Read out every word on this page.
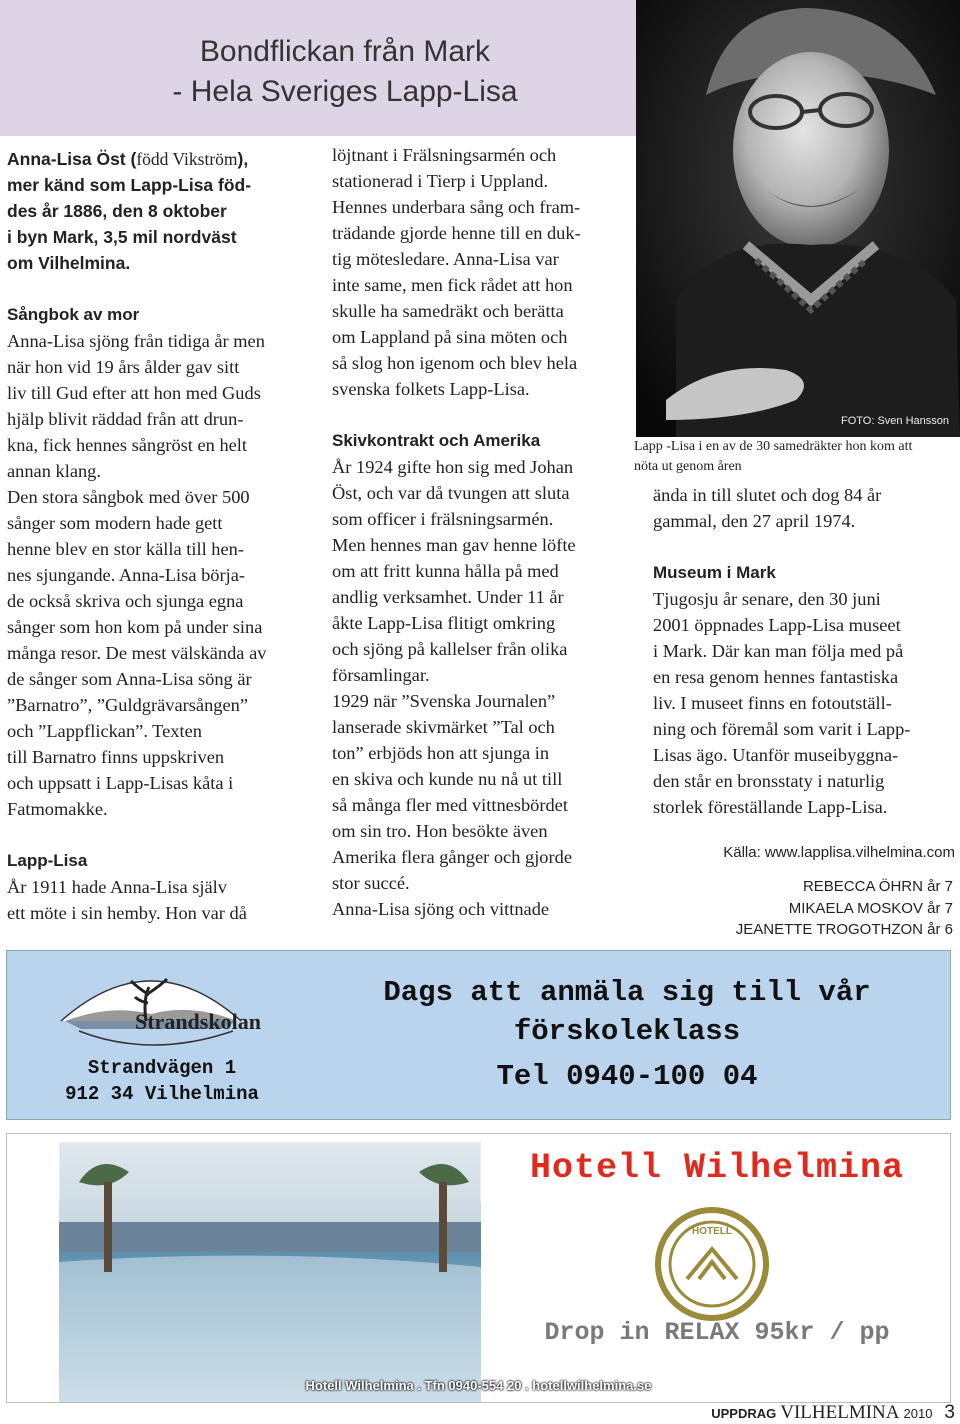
Bondflickan från Mark
- Hela Sveriges Lapp-Lisa
FOTO: Sven Hansson
Lapp -Lisa i en av de 30 samedräkter hon kom att
nöta ut genom åren
Anna-Lisa Öst (född Vikström),
mer känd som Lapp-Lisa föd-
des år 1886, den 8 oktober
i byn Mark, 3,5 mil nordväst
om Vilhelmina.
Sångbok av mor

Anna-Lisa sjöng från tidiga år men

när hon vid 19 års ålder gav sitt

liv till Gud efter att hon med Guds

hjälp blivit räddad från att drun-

kna, fick hennes sångröst en helt

annan klang.

Den stora sångbok med över 500

sånger som modern hade gett

henne blev en stor källa till hen-

nes sjungande. Anna-Lisa börja-

de också skriva och sjunga egna

sånger som hon kom på under sina

många resor. De mest välskända av

de sånger som Anna-Lisa söng är

”Barnatro”, ”Guldgrävarsången”

och ”Lappflickan”. Texten

till Barnatro finns uppskriven

och uppsatt i Lapp-Lisas kåta i

Fatmomakke.

Lapp-Lisa

År 1911 hade Anna-Lisa själv

ett möte i sin hemby. Hon var då

löjtnant i Frälsningsarmén och

stationerad i Tierp i Uppland.

Hennes underbara sång och fram-

trädande gjorde henne till en duk-

tig mötesledare. Anna-Lisa var

inte same, men fick rådet att hon

skulle ha samedräkt och berätta

om Lappland på sina möten och

så slog hon igenom och blev hela

svenska folkets Lapp-Lisa.

Skivkontrakt och Amerika

År 1924 gifte hon sig med Johan

Öst, och var då tvungen att sluta

som officer i frälsningsarmén.

Men hennes man gav henne löfte

om att fritt kunna hålla på med

andlig verksamhet. Under 11 år

åkte Lapp-Lisa flitigt omkring

och sjöng på kallelser från olika

församlingar.

1929 när ”Svenska Journalen”

lanserade skivmärket ”Tal och

ton” erbjöds hon att sjunga in

en skiva och kunde nu nå ut till

så många fler med vittnesbördet

om sin tro. Hon besökte även

Amerika flera gånger och gjorde

stor succé.

Anna-Lisa sjöng och vittnade

ända in till slutet och dog 84 år

gammal, den 27 april 1974.

Museum i Mark

Tjugosju år senare, den 30 juni

2001 öppnades Lapp-Lisa museet

i Mark. Där kan man följa med på

en resa genom hennes fantastiska

liv. I museet finns en fotoutställ-

ning och föremål som varit i Lapp-

Lisas ägo. Utanför museibyggna-

den står en bronsstaty i naturlig

storlek föreställande Lapp-Lisa.

Källa: www.lapplisa.vilhelmina.com
REBECCA ÖHRN år 7
MIKAELA MOSKOV år 7
JEANETTE TROGOTHZON år 6
Strandskolan
Strandvägen 1
912 34 Vilhelmina
Dags att anmäla sig till vår
förskoleklass
Tel 0940-100 04
Hotell Wilhelmina
HOTELL
Drop in RELAX 95kr / pp
Hotell Wilhelmina . Tfn 0940-554 20 . hotellwilhelmina.se
UPPDRAG VILHELMINA 2010 3
